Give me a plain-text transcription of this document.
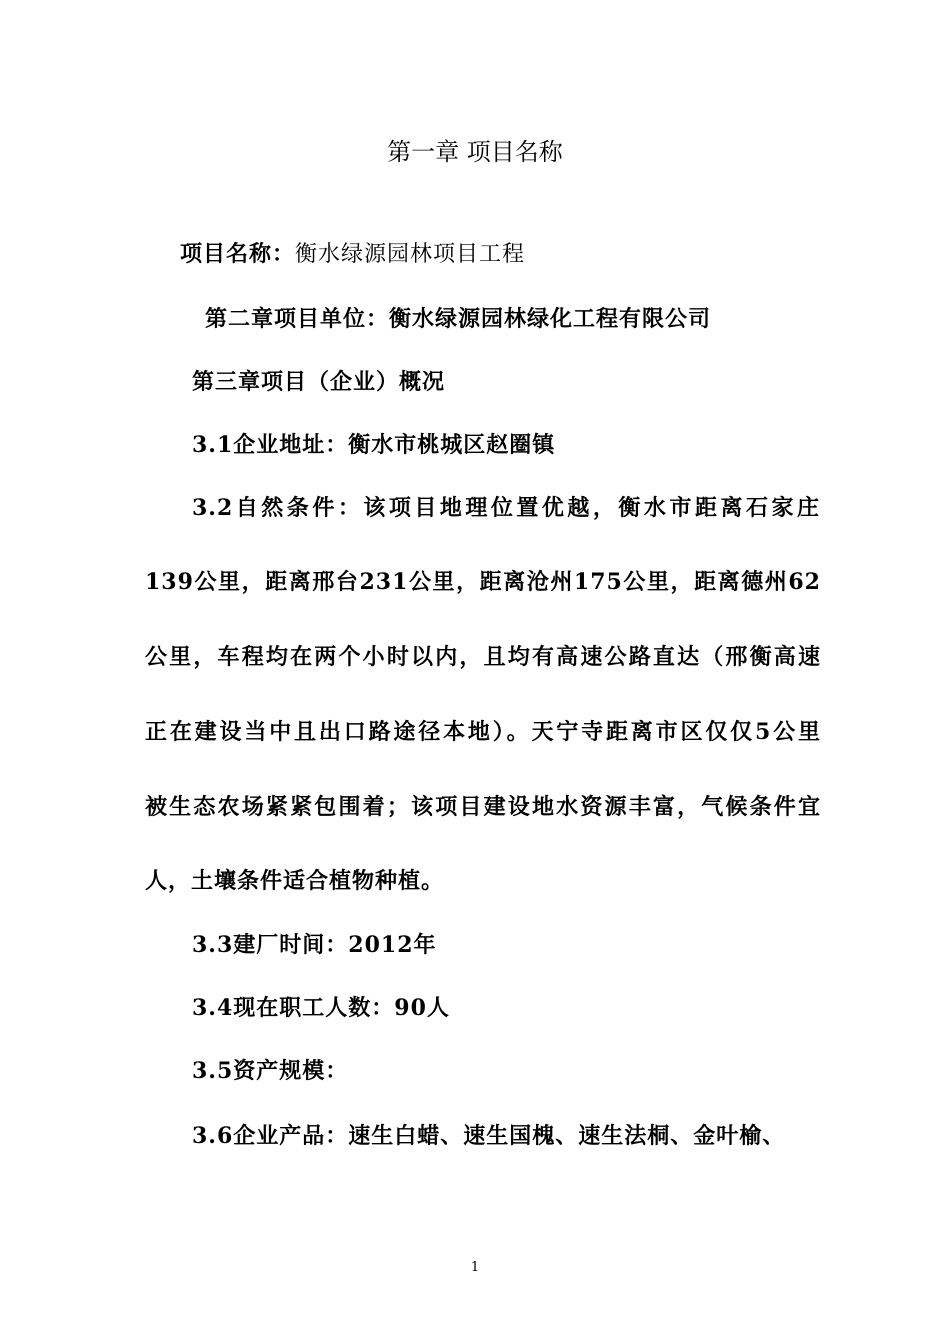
第一章 项目名称
项目名称：衡水绿源园林项目工程
第二章项目单位：衡水绿源园林绿化工程有限公司
第三章项目（企业）概况
3.1企业地址：衡水市桃城区赵圈镇
3.2自然条件：该项目地理位置优越，衡水市距离石家庄
139公里，距离邢台231公里，距离沧州175公里，距离德州62
公里，车程均在两个小时以内，且均有高速公路直达（邢衡高速
正在建设当中且出口路途径本地）。天宁寺距离市区仅仅5公里
被生态农场紧紧包围着；该项目建设地水资源丰富，气候条件宜
人，土壤条件适合植物种植。
3.3建厂时间：2012年
3.4现在职工人数：90人
3.5资产规模：
3.6企业产品：速生白蜡、速生国槐、速生法桐、金叶榆、
1
